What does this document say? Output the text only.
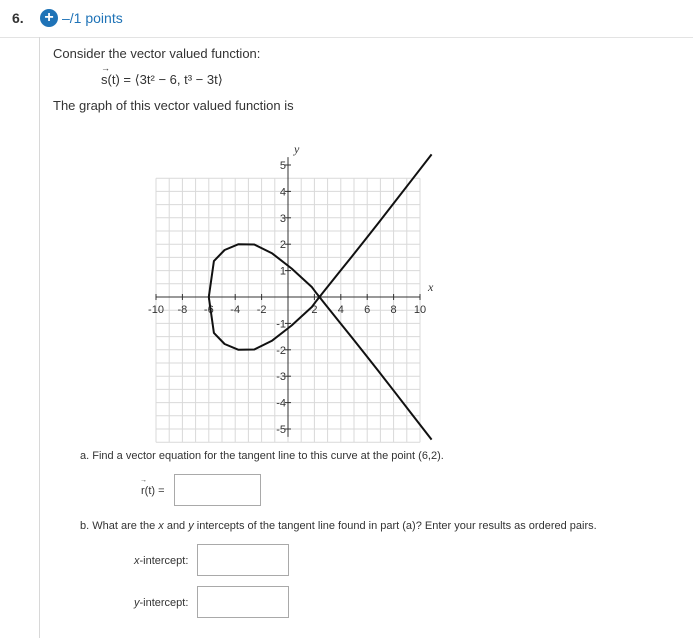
6. + –/1 points
Consider the vector valued function:
→ s(t) = ⟨3t² − 6, t³ − 3t⟩
The graph of this vector valued function is
-10 -8 -6 -4 -2	2 4 6 8 10
-5
-4
-3
-2
-1
1
2
3
4
5
x
y
a. Find a vector equation for the tangent line to this curve at the point (6,2).
→ r(t) =
b. What are the x and y intercepts of the tangent line found in part (a)? Enter your results as ordered pairs.
x-intercept:
y-intercept:
